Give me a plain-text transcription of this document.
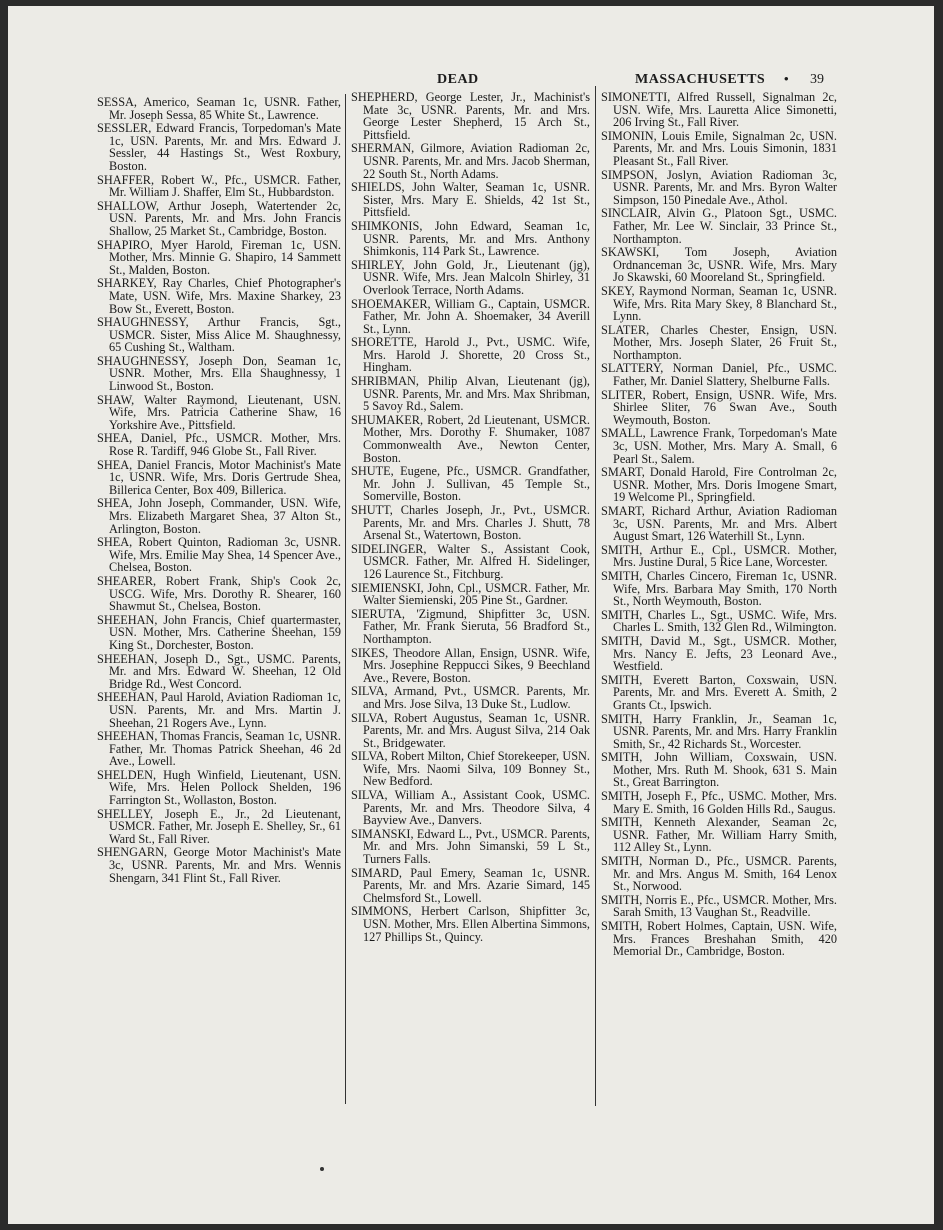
DEAD	MASSACHUSETTS • 39

SESSA, Americo, Seaman 1c, USNR. Father, Mr. Joseph Sessa, 85 White St., Lawrence.

SESSLER, Edward Francis, Torpedoman's Mate 1c, USN. Parents, Mr. and Mrs. Edward J. Sessler, 44 Hastings St., West Roxbury, Boston.

SHAFFER, Robert W., Pfc., USMCR. Father, Mr. William J. Shaffer, Elm St., Hubbardston.

SHALLOW, Arthur Joseph, Watertender 2c, USN. Parents, Mr. and Mrs. John Francis Shallow, 25 Market St., Cambridge, Boston.

SHAPIRO, Myer Harold, Fireman 1c, USN. Mother, Mrs. Minnie G. Shapiro, 14 Sammett St., Malden, Boston.

SHARKEY, Ray Charles, Chief Photographer's Mate, USN. Wife, Mrs. Maxine Sharkey, 23 Bow St., Everett, Boston.

SHAUGHNESSY, Arthur Francis, Sgt., USMCR. Sister, Miss Alice M. Shaughnessy, 65 Cushing St., Waltham.

SHAUGHNESSY, Joseph Don, Seaman 1c, USNR. Mother, Mrs. Ella Shaughnessy, 1 Linwood St., Boston.

SHAW, Walter Raymond, Lieutenant, USN. Wife, Mrs. Patricia Catherine Shaw, 16 Yorkshire Ave., Pittsfield.

SHEA, Daniel, Pfc., USMCR. Mother, Mrs. Rose R. Tardiff, 946 Globe St., Fall River.

SHEA, Daniel Francis, Motor Machinist's Mate 1c, USNR. Wife, Mrs. Doris Gertrude Shea, Billerica Center, Box 409, Billerica.

SHEA, John Joseph, Commander, USN. Wife, Mrs. Elizabeth Margaret Shea, 37 Alton St., Arlington, Boston.

SHEA, Robert Quinton, Radioman 3c, USNR. Wife, Mrs. Emilie May Shea, 14 Spencer Ave., Chelsea, Boston.

SHEARER, Robert Frank, Ship's Cook 2c, USCG. Wife, Mrs. Dorothy R. Shearer, 160 Shawmut St., Chelsea, Boston.

SHEEHAN, John Francis, Chief quartermaster, USN. Mother, Mrs. Catherine Sheehan, 159 King St., Dorchester, Boston.

SHEEHAN, Joseph D., Sgt., USMC. Parents, Mr. and Mrs. Edward W. Sheehan, 12 Old Bridge Rd., West Concord.

SHEEHAN, Paul Harold, Aviation Radioman 1c, USN. Parents, Mr. and Mrs. Martin J. Sheehan, 21 Rogers Ave., Lynn.

SHEEHAN, Thomas Francis, Seaman 1c, USNR. Father, Mr. Thomas Patrick Sheehan, 46 2d Ave., Lowell.

SHELDEN, Hugh Winfield, Lieutenant, USN. Wife, Mrs. Helen Pollock Shelden, 196 Farrington St., Wollaston, Boston.

SHELLEY, Joseph E., Jr., 2d Lieutenant, USMCR. Father, Mr. Joseph E. Shelley, Sr., 61 Ward St., Fall River.

SHENGARN, George Motor Machinist's Mate 3c, USNR. Parents, Mr. and Mrs. Wennis Shengarn, 341 Flint St., Fall River.

SHEPHERD, George Lester, Jr., Machinist's Mate 3c, USNR. Parents, Mr. and Mrs. George Lester Shepherd, 15 Arch St., Pittsfield.

SHERMAN, Gilmore, Aviation Radioman 2c, USNR. Parents, Mr. and Mrs. Jacob Sherman, 22 South St., North Adams.

SHIELDS, John Walter, Seaman 1c, USNR. Sister, Mrs. Mary E. Shields, 42 1st St., Pittsfield.

SHIMKONIS, John Edward, Seaman 1c, USNR. Parents, Mr. and Mrs. Anthony Shimkonis, 114 Park St., Lawrence.

SHIRLEY, John Gold, Jr., Lieutenant (jg), USNR. Wife, Mrs. Jean Malcoln Shirley, 31 Overlook Terrace, North Adams.

SHOEMAKER, William G., Captain, USMCR. Father, Mr. John A. Shoemaker, 34 Averill St., Lynn.

SHORETTE, Harold J., Pvt., USMC. Wife, Mrs. Harold J. Shorette, 20 Cross St., Hingham.

SHRIBMAN, Philip Alvan, Lieutenant (jg), USNR. Parents, Mr. and Mrs. Max Shribman, 5 Savoy Rd., Salem.

SHUMAKER, Robert, 2d Lieutenant, USMCR. Mother, Mrs. Dorothy F. Shumaker, 1087 Commonwealth Ave., Newton Center, Boston.

SHUTE, Eugene, Pfc., USMCR. Grandfather, Mr. John J. Sullivan, 45 Temple St., Somerville, Boston.

SHUTT, Charles Joseph, Jr., Pvt., USMCR. Parents, Mr. and Mrs. Charles J. Shutt, 78 Arsenal St., Watertown, Boston.

SIDELINGER, Walter S., Assistant Cook, USMCR. Father, Mr. Alfred H. Sidelinger, 126 Laurence St., Fitchburg.

SIEMIENSKI, John, Cpl., USMCR. Father, Mr. Walter Siemienski, 205 Pine St., Gardner.

SIERUTA, 'Zigmund, Shipfitter 3c, USN. Father, Mr. Frank Sieruta, 56 Bradford St., Northampton.

SIKES, Theodore Allan, Ensign, USNR. Wife, Mrs. Josephine Reppucci Sikes, 9 Beechland Ave., Revere, Boston.

SILVA, Armand, Pvt., USMCR. Parents, Mr. and Mrs. Jose Silva, 13 Duke St., Ludlow.

SILVA, Robert Augustus, Seaman 1c, USNR. Parents, Mr. and Mrs. August Silva, 214 Oak St., Bridgewater.

SILVA, Robert Milton, Chief Storekeeper, USN. Wife, Mrs. Naomi Silva, 109 Bonney St., New Bedford.

SILVA, William A., Assistant Cook, USMC. Parents, Mr. and Mrs. Theodore Silva, 4 Bayview Ave., Danvers.

SIMANSKI, Edward L., Pvt., USMCR. Parents, Mr. and Mrs. John Simanski, 59 L St., Turners Falls.

SIMARD, Paul Emery, Seaman 1c, USNR. Parents, Mr. and Mrs. Azarie Simard, 145 Chelmsford St., Lowell.

SIMMONS, Herbert Carlson, Shipfitter 3c, USN. Mother, Mrs. Ellen Albertina Simmons, 127 Phillips St., Quincy.

SIMONETTI, Alfred Russell, Signalman 2c, USN. Wife, Mrs. Lauretta Alice Simonetti, 206 Irving St., Fall River.

SIMONIN, Louis Emile, Signalman 2c, USN. Parents, Mr. and Mrs. Louis Simonin, 1831 Pleasant St., Fall River.

SIMPSON, Joslyn, Aviation Radioman 3c, USNR. Parents, Mr. and Mrs. Byron Walter Simpson, 150 Pinedale Ave., Athol.

SINCLAIR, Alvin G., Platoon Sgt., USMC. Father, Mr. Lee W. Sinclair, 33 Prince St., Northampton.

SKAWSKI, Tom Joseph, Aviation Ordnanceman 3c, USNR. Wife, Mrs. Mary Jo Skawski, 60 Mooreland St., Springfield.

SKEY, Raymond Norman, Seaman 1c, USNR. Wife, Mrs. Rita Mary Skey, 8 Blanchard St., Lynn.

SLATER, Charles Chester, Ensign, USN. Mother, Mrs. Joseph Slater, 26 Fruit St., Northampton.

SLATTERY, Norman Daniel, Pfc., USMC. Father, Mr. Daniel Slattery, Shelburne Falls.

SLITER, Robert, Ensign, USNR. Wife, Mrs. Shirlee Sliter, 76 Swan Ave., South Weymouth, Boston.

SMALL, Lawrence Frank, Torpedoman's Mate 3c, USN. Mother, Mrs. Mary A. Small, 6 Pearl St., Salem.

SMART, Donald Harold, Fire Controlman 2c, USNR. Mother, Mrs. Doris Imogene Smart, 19 Welcome Pl., Springfield.

SMART, Richard Arthur, Aviation Radioman 3c, USN. Parents, Mr. and Mrs. Albert August Smart, 126 Waterhill St., Lynn.

SMITH, Arthur E., Cpl., USMCR. Mother, Mrs. Justine Dural, 5 Rice Lane, Worcester.

SMITH, Charles Cincero, Fireman 1c, USNR. Wife, Mrs. Barbara May Smith, 170 North St., North Weymouth, Boston.

SMITH, Charles L., Sgt., USMC. Wife, Mrs. Charles L. Smith, 132 Glen Rd., Wilmington.

SMITH, David M., Sgt., USMCR. Mother, Mrs. Nancy E. Jefts, 23 Leonard Ave., Westfield.

SMITH, Everett Barton, Coxswain, USN. Parents, Mr. and Mrs. Everett A. Smith, 2 Grants Ct., Ipswich.

SMITH, Harry Franklin, Jr., Seaman 1c, USNR. Parents, Mr. and Mrs. Harry Franklin Smith, Sr., 42 Richards St., Worcester.

SMITH, John William, Coxswain, USN. Mother, Mrs. Ruth M. Shook, 631 S. Main St., Great Barrington.

SMITH, Joseph F., Pfc., USMC. Mother, Mrs. Mary E. Smith, 16 Golden Hills Rd., Saugus.

SMITH, Kenneth Alexander, Seaman 2c, USNR. Father, Mr. William Harry Smith, 112 Alley St., Lynn.

SMITH, Norman D., Pfc., USMCR. Parents, Mr. and Mrs. Angus M. Smith, 164 Lenox St., Norwood.

SMITH, Norris E., Pfc., USMCR. Mother, Mrs. Sarah Smith, 13 Vaughan St., Readville.

SMITH, Robert Holmes, Captain, USN. Wife, Mrs. Frances Breshahan Smith, 420 Memorial Dr., Cambridge, Boston.
